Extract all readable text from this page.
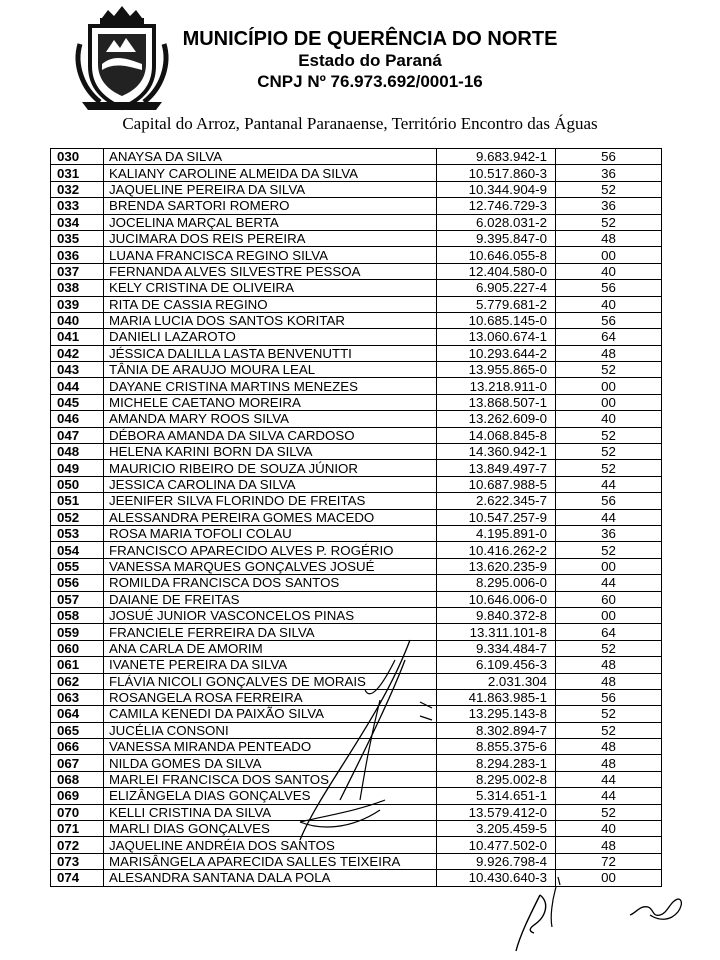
MUNICÍPIO DE QUERÊNCIA DO NORTE
Estado do Paraná
CNPJ Nº 76.973.692/0001-16
Capital do Arroz, Pantanal Paranaense, Território Encontro das Águas
030	ANAYSA DA SILVA	9.683.942-1	56
031	KALIANY CAROLINE ALMEIDA DA SILVA	10.517.860-3	36
032	JAQUELINE PEREIRA DA SILVA	10.344.904-9	52
033	BRENDA SARTORI ROMERO	12.746.729-3	36
034	JOCELINA MARÇAL BERTA	6.028.031-2	52
035	JUCIMARA DOS REIS PEREIRA	9.395.847-0	48
036	LUANA FRANCISCA REGINO SILVA	10.646.055-8	00
037	FERNANDA ALVES SILVESTRE PESSOA	12.404.580-0	40
038	KELY CRISTINA DE OLIVEIRA	6.905.227-4	56
039	RITA DE CASSIA REGINO	5.779.681-2	40
040	MARIA LUCIA DOS SANTOS KORITAR	10.685.145-0	56
041	DANIELI LAZAROTO	13.060.674-1	64
042	JÉSSICA DALILLA LASTA BENVENUTTI	10.293.644-2	48
043	TÂNIA DE ARAUJO MOURA LEAL	13.955.865-0	52
044	DAYANE CRISTINA MARTINS MENEZES	13.218.911-0	00
045	MICHELE CAETANO MOREIRA	13.868.507-1	00
046	AMANDA MARY ROOS SILVA	13.262.609-0	40
047	DÉBORA AMANDA DA SILVA CARDOSO	14.068.845-8	52
048	HELENA KARINI BORN DA SILVA	14.360.942-1	52
049	MAURICIO RIBEIRO DE SOUZA JÚNIOR	13.849.497-7	52
050	JESSICA CAROLINA DA SILVA	10.687.988-5	44
051	JEENIFER SILVA FLORINDO DE FREITAS	2.622.345-7	56
052	ALESSANDRA PEREIRA GOMES MACEDO	10.547.257-9	44
053	ROSA MARIA TOFOLI COLAU	4.195.891-0	36
054	FRANCISCO APARECIDO ALVES P. ROGÉRIO	10.416.262-2	52
055	VANESSA MARQUES GONÇALVES JOSUÉ	13.620.235-9	00
056	ROMILDA FRANCISCA DOS SANTOS	8.295.006-0	44
057	DAIANE DE FREITAS	10.646.006-0	60
058	JOSUÉ JUNIOR VASCONCELOS PINAS	9.840.372-8	00
059	FRANCIELE FERREIRA DA SILVA	13.311.101-8	64
060	ANA CARLA DE AMORIM	9.334.484-7	52
061	IVANETE PEREIRA DA SILVA	6.109.456-3	48
062	FLÁVIA NICOLI GONÇALVES DE MORAIS	2.031.304	48
063	ROSANGELA ROSA FERREIRA	41.863.985-1	56
064	CAMILA KENEDI DA PAIXÃO SILVA	13.295.143-8	52
065	JUCÉLIA CONSONI	8.302.894-7	52
066	VANESSA MIRANDA PENTEADO	8.855.375-6	48
067	NILDA GOMES DA SILVA	8.294.283-1	48
068	MARLEI FRANCISCA DOS SANTOS	8.295.002-8	44
069	ELIZÂNGELA DIAS GONÇALVES	5.314.651-1	44
070	KELLI CRISTINA DA SILVA	13.579.412-0	52
071	MARLI DIAS GONÇALVES	3.205.459-5	40
072	JAQUELINE ANDRÉIA DOS SANTOS	10.477.502-0	48
073	MARISÂNGELA APARECIDA SALLES TEIXEIRA	9.926.798-4	72
074	ALESANDRA SANTANA DALA POLA	10.430.640-3	00
